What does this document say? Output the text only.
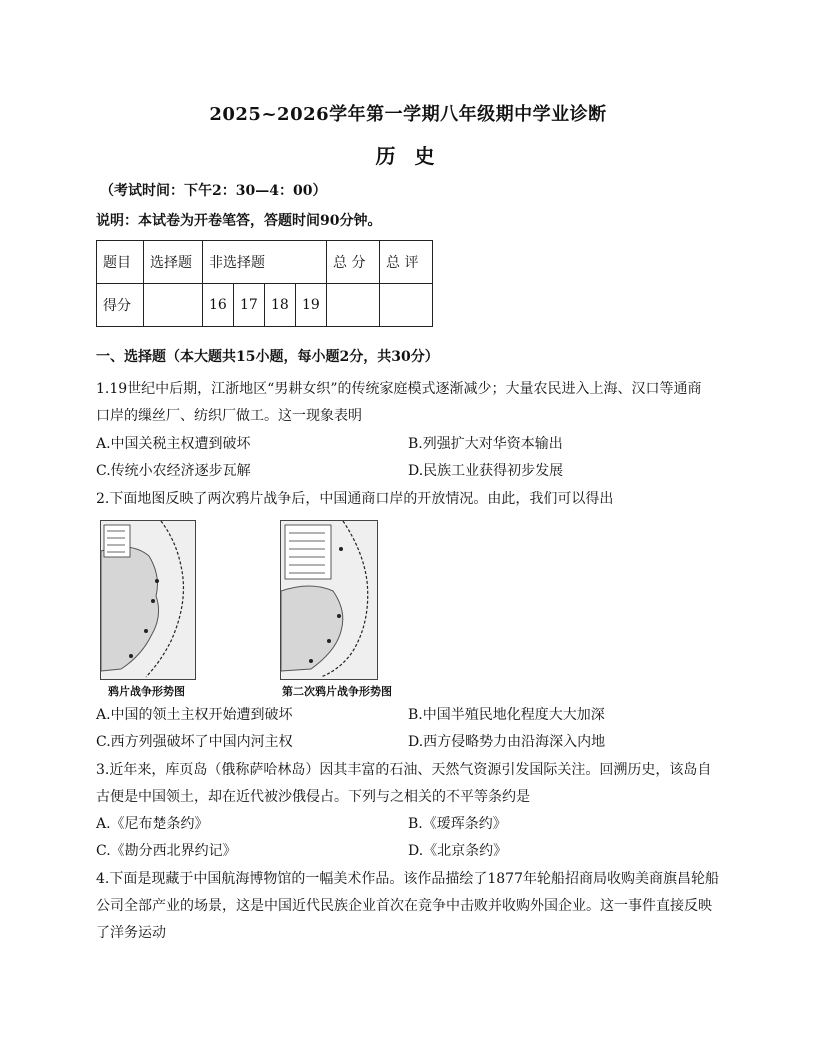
2025~2026学年第一学期八年级期中学业诊断
历 史
（考试时间：下午2：30—4：00）
说明：本试卷为开卷笔答，答题时间90分钟。
题目	选择题	非选择题				总 分	总 评
得分		16	17	18	19		
一、选择题（本大题共15小题，每小题2分，共30分）
1.19世纪中后期，江浙地区“男耕女织”的传统家庭模式逐渐减少；大量农民进入上海、汉口等通商
口岸的缫丝厂、纺织厂做工。这一现象表明
A.中国关税主权遭到破坏	B.列强扩大对华资本输出
C.传统小农经济逐步瓦解	D.民族工业获得初步发展
2.下面地图反映了两次鸦片战争后，中国通商口岸的开放情况。由此，我们可以得出
鸦片战争形势图	第二次鸦片战争形势图
A.中国的领土主权开始遭到破坏	B.中国半殖民地化程度大大加深
C.西方列强破坏了中国内河主权	D.西方侵略势力由沿海深入内地
3.近年来，库页岛（俄称萨哈林岛）因其丰富的石油、天然气资源引发国际关注。回溯历史，该岛自
古便是中国领土，却在近代被沙俄侵占。下列与之相关的不平等条约是
A.《尼布楚条约》	B.《瑷珲条约》
C.《勘分西北界约记》	D.《北京条约》
4.下面是现藏于中国航海博物馆的一幅美术作品。该作品描绘了1877年轮船招商局收购美商旗昌轮船
公司全部产业的场景，这是中国近代民族企业首次在竞争中击败并收购外国企业。这一事件直接反映
了洋务运动
